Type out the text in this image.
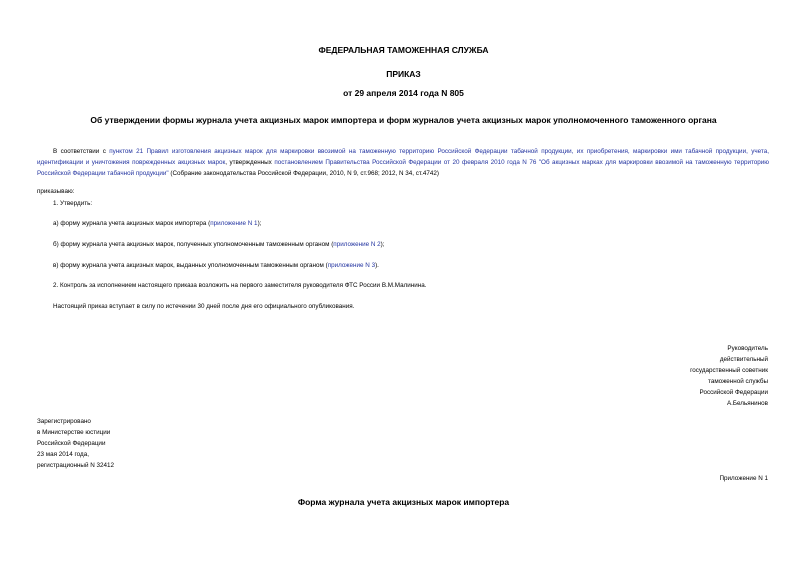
ФЕДЕРАЛЬНАЯ ТАМОЖЕННАЯ СЛУЖБА
ПРИКАЗ
от 29 апреля 2014 года N 805
Об утверждении формы журнала учета акцизных марок импортера и форм журналов учета акцизных марок уполномоченного таможенного органа
В соответствии с пунктом 21 Правил изготовления акцизных марок для маркировки ввозимой на таможенную территорию Российской Федерации табачной продукции, их приобретения, маркировки ими табачной продукции, учета, идентификации и уничтожения поврежденных акцизных марок, утвержденных постановлением Правительства Российской Федерации от 20 февраля 2010 года N 76 "Об акцизных марках для маркировки ввозимой на таможенную территорию Российской Федерации табачной продукции" (Собрание законодательства Российской Федерации, 2010, N 9, ст.968; 2012, N 34, ст.4742)
приказываю:
1. Утвердить:
а) форму журнала учета акцизных марок импортера (приложение N 1);
б) форму журнала учета акцизных марок, полученных уполномоченным таможенным органом (приложение N 2);
в) форму журнала учета акцизных марок, выданных уполномоченным таможенным органом (приложение N 3).
2. Контроль за исполнением настоящего приказа возложить на первого заместителя руководителя ФТС России В.М.Малинина.
Настоящий приказ вступает в силу по истечении 30 дней после дня его официального опубликования.
Руководитель
действительный
государственный советник
таможенной службы
Российской Федерации
А.Бельянинов
Зарегистрировано
в Министерстве юстиции
Российской Федерации
23 мая 2014 года,
регистрационный N 32412
Приложение N 1
Форма журнала учета акцизных марок импортера
